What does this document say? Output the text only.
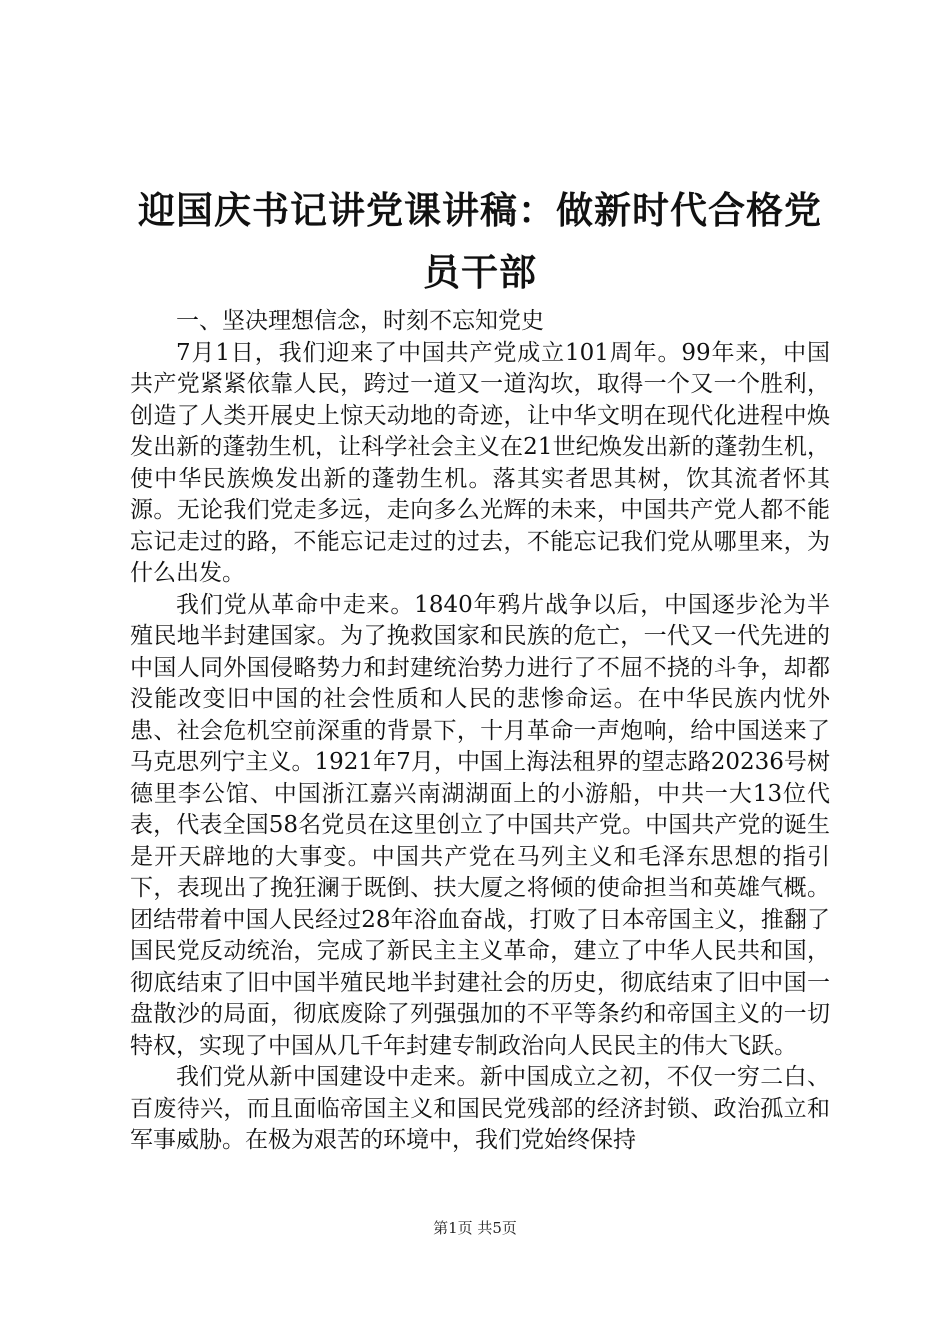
迎国庆书记讲党课讲稿：做新时代合格党员干部

一、坚决理想信念，时刻不忘知党史

7月1日，我们迎来了中国共产党成立101周年。99年来，中国共产党紧紧依靠人民，跨过一道又一道沟坎，取得一个又一个胜利，创造了人类开展史上惊天动地的奇迹，让中华文明在现代化进程中焕发出新的蓬勃生机，让科学社会主义在21世纪焕发出新的蓬勃生机，使中华民族焕发出新的蓬勃生机。落其实者思其树，饮其流者怀其源。无论我们党走多远，走向多么光辉的未来，中国共产党人都不能忘记走过的路，不能忘记走过的过去，不能忘记我们党从哪里来，为什么出发。

我们党从革命中走来。1840年鸦片战争以后，中国逐步沦为半殖民地半封建国家。为了挽救国家和民族的危亡，一代又一代先进的中国人同外国侵略势力和封建统治势力进行了不屈不挠的斗争，却都没能改变旧中国的社会性质和人民的悲惨命运。在中华民族内忧外患、社会危机空前深重的背景下，十月革命一声炮响，给中国送来了马克思列宁主义。1921年7月，中国上海法租界的望志路20236号树德里李公馆、中国浙江嘉兴南湖湖面上的小游船，中共一大13位代表，代表全国58名党员在这里创立了中国共产党。中国共产党的诞生是开天辟地的大事变。中国共产党在马列主义和毛泽东思想的指引下，表现出了挽狂澜于既倒、扶大厦之将倾的使命担当和英雄气概。团结带着中国人民经过28年浴血奋战，打败了日本帝国主义，推翻了国民党反动统治，完成了新民主主义革命，建立了中华人民共和国，彻底结束了旧中国半殖民地半封建社会的历史，彻底结束了旧中国一盘散沙的局面，彻底废除了列强强加的不平等条约和帝国主义的一切特权，实现了中国从几千年封建专制政治向人民民主的伟大飞跃。

我们党从新中国建设中走来。新中国成立之初，不仅一穷二白、百废待兴，而且面临帝国主义和国民党残部的经济封锁、政治孤立和军事威胁。在极为艰苦的环境中，我们党始终保持

第1页 共5页
